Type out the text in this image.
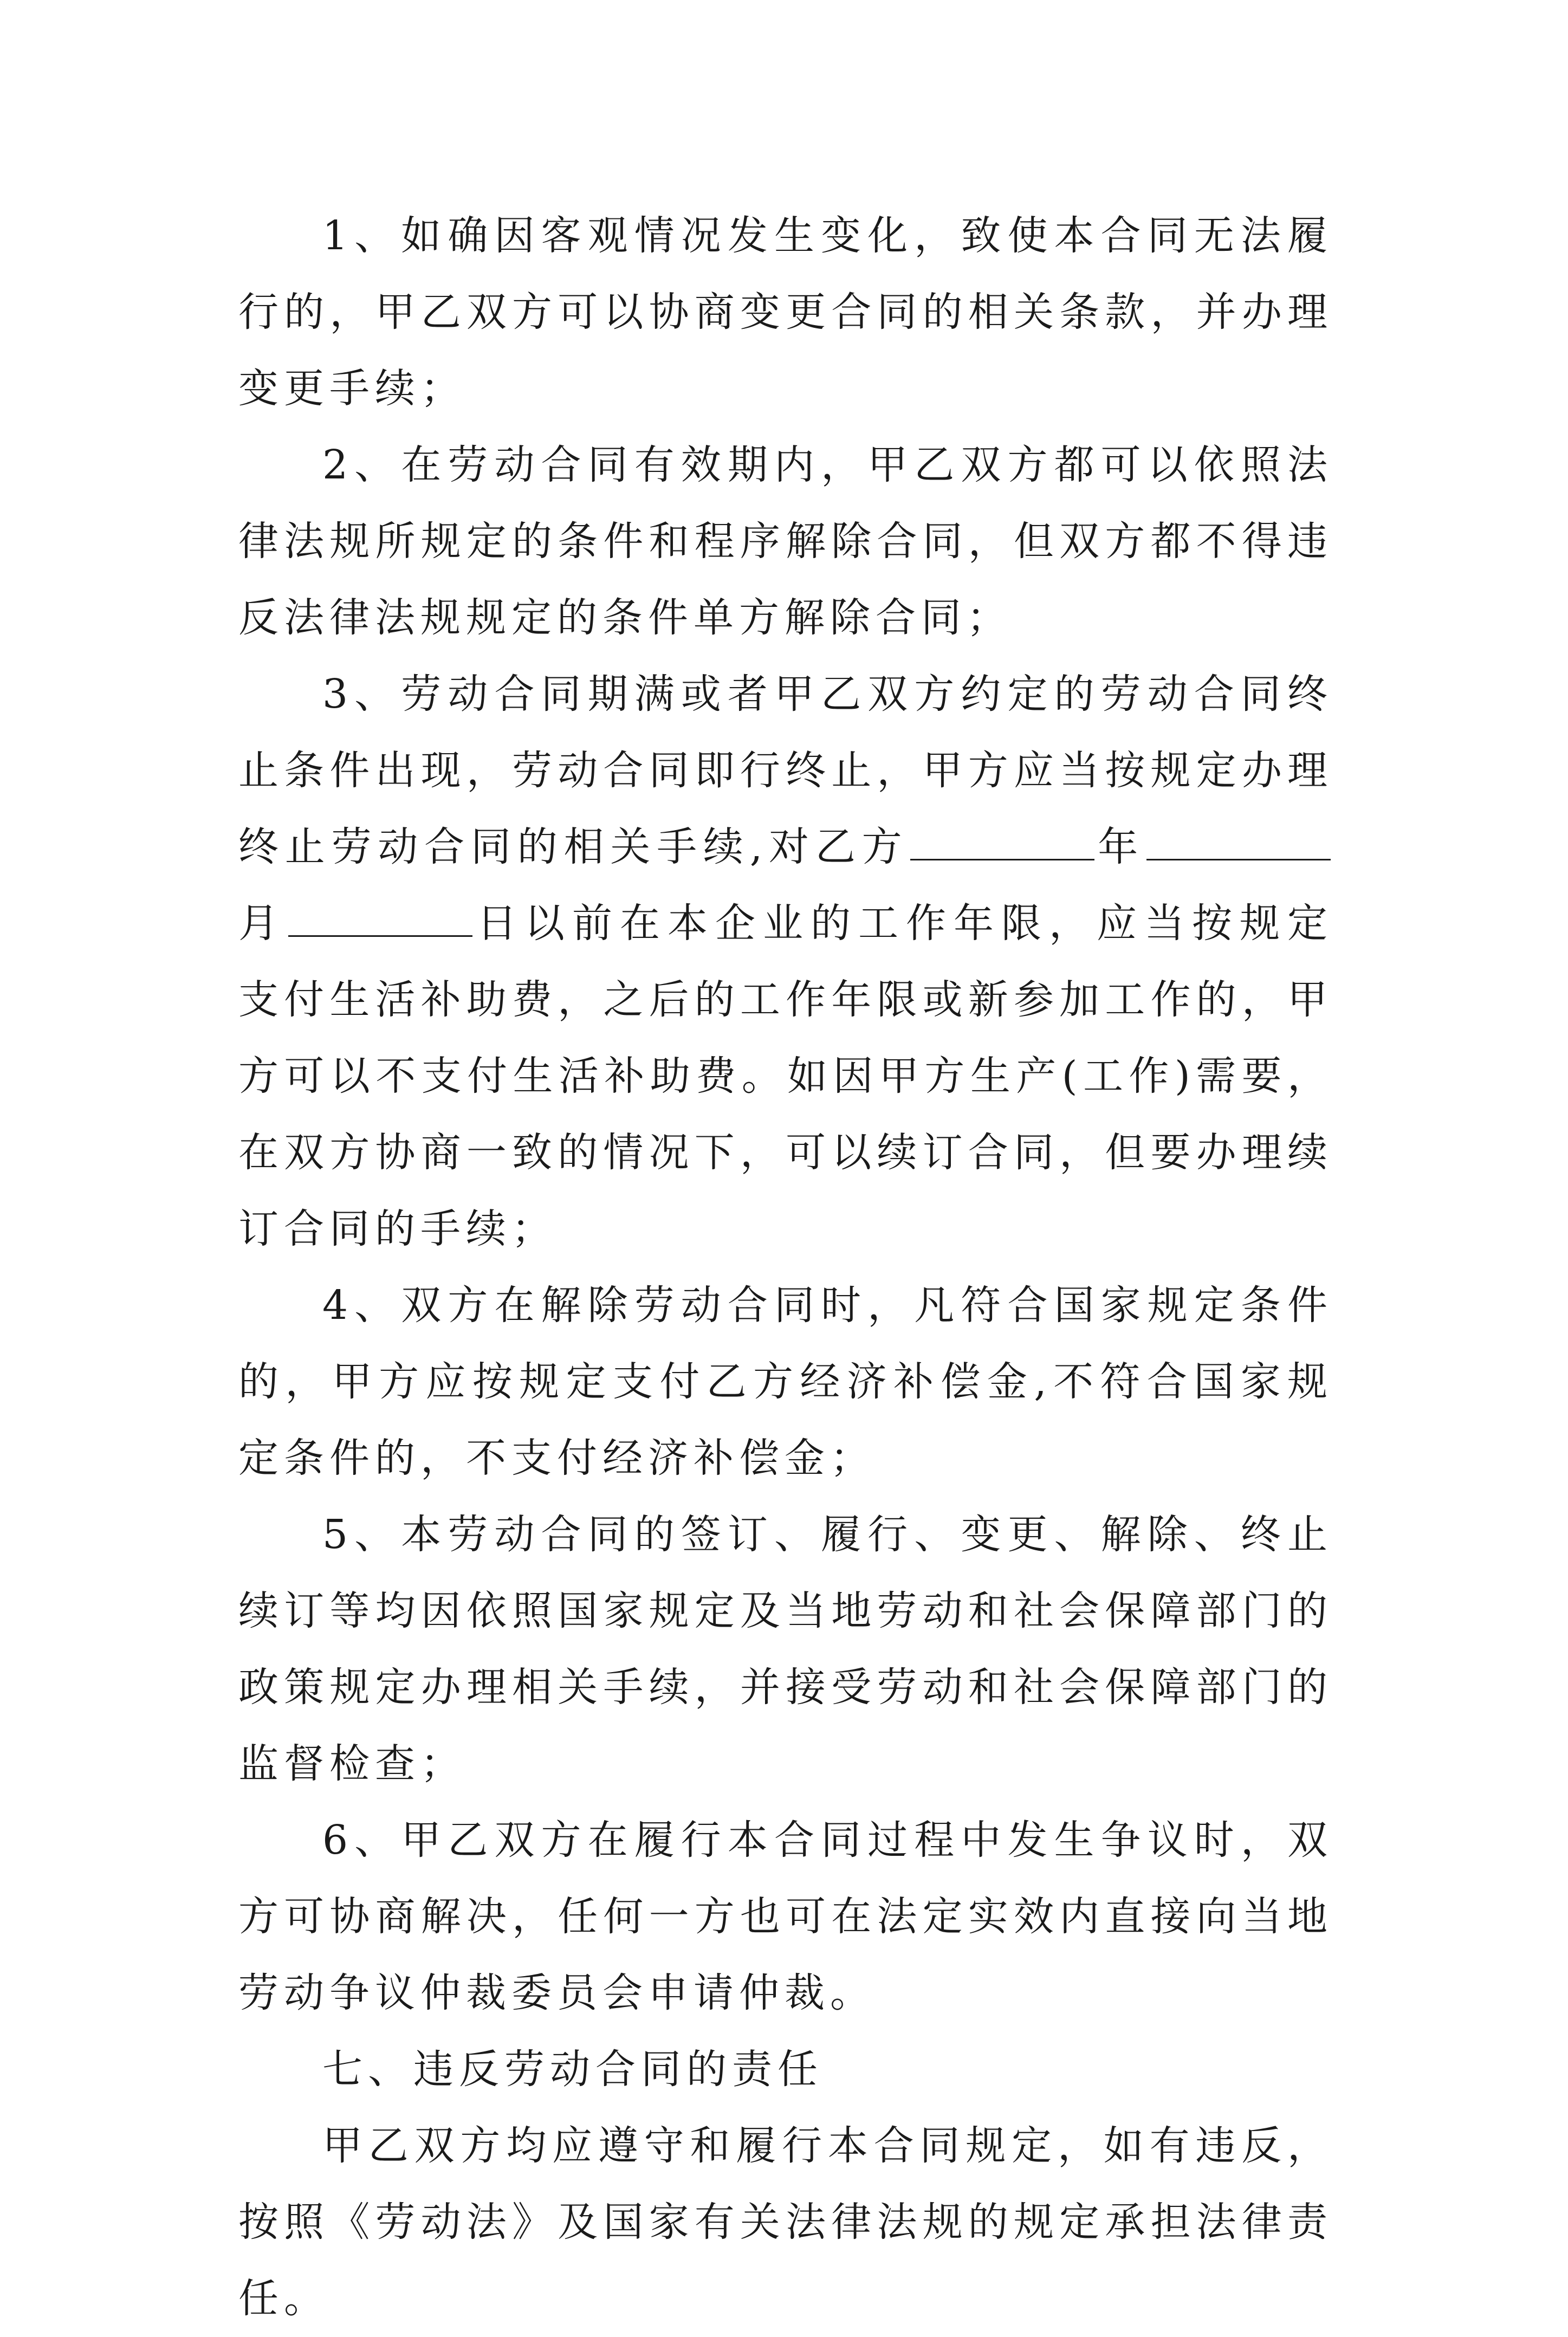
1、如确因客观情况发生变化，致使本合同无法履行的，甲乙双方可以协商变更合同的相关条款，并办理变更手续；

2、在劳动合同有效期内，甲乙双方都可以依照法律法规所规定的条件和程序解除合同，但双方都不得违反法律法规规定的条件单方解除合同；

3、劳动合同期满或者甲乙双方约定的劳动合同终止条件出现，劳动合同即行终止，甲方应当按规定办理终止劳动合同的相关手续,对乙方	年月	日以前在本企业的工作年限，应当按规定支付生活补助费，之后的工作年限或新参加工作的，甲方可以不支付生活补助费。如因甲方生产(工作)需要，在双方协商一致的情况下，可以续订合同，但要办理续订合同的手续；

4、双方在解除劳动合同时，凡符合国家规定条件的，甲方应按规定支付乙方经济补偿金,不符合国家规定条件的，不支付经济补偿金；

5、本劳动合同的签订、履行、变更、解除、终止续订等均因依照国家规定及当地劳动和社会保障部门的政策规定办理相关手续，并接受劳动和社会保障部门的监督检查；

6、甲乙双方在履行本合同过程中发生争议时，双方可协商解决，任何一方也可在法定实效内直接向当地劳动争议仲裁委员会申请仲裁。

七、违反劳动合同的责任

甲乙双方均应遵守和履行本合同规定，如有违反，按照《劳动法》及国家有关法律法规的规定承担法律责任。
